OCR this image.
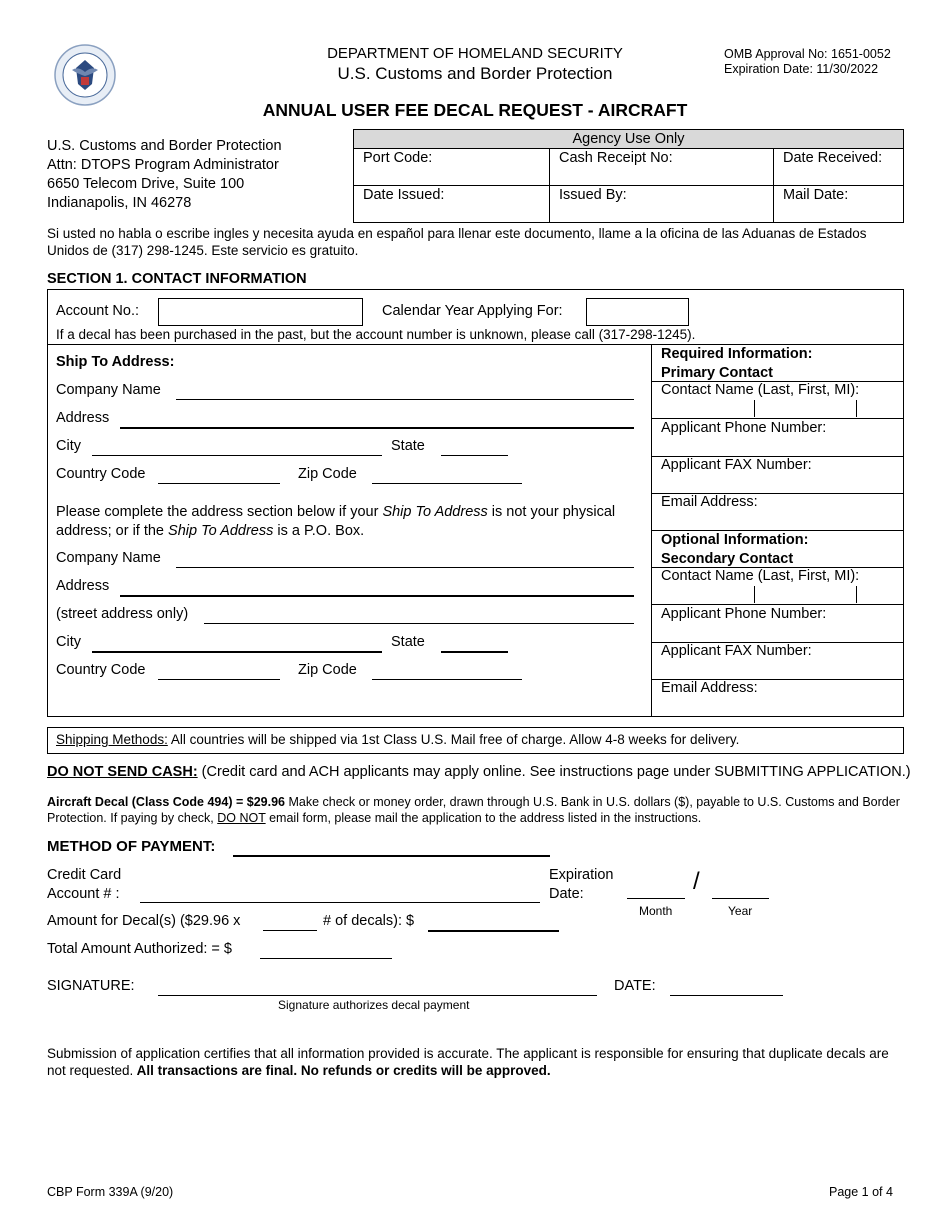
DEPARTMENT OF HOMELAND SECURITY
U.S. Customs and Border Protection
OMB Approval No: 1651-0052
Expiration Date: 11/30/2022
ANNUAL USER FEE DECAL REQUEST - AIRCRAFT
U.S. Customs and Border Protection
Attn: DTOPS Program Administrator
6650 Telecom Drive, Suite 100
Indianapolis, IN 46278
Agency Use Only		
Port Code:	Cash Receipt No:	Date Received:
Date Issued:	Issued By:	Mail Date:
Si usted no habla o escribe ingles y necesita ayuda en español para llenar este documento, llame a la oficina de las Aduanas de Estados Unidos de (317) 298-1245. Este servicio es gratuito.
SECTION 1. CONTACT INFORMATION
Account No.:	Calendar Year Applying For:
If a decal has been purchased in the past, but the account number is unknown, please call (317-298-1245).
Ship To Address:
Company Name
Address
City	State
Country Code	Zip Code
Please complete the address section below if your Ship To Address is not your physical
address; or if the Ship To Address is a P.O. Box.
Company Name
Address
(street address only)
City	State
Country Code	Zip Code
Required Information:
Primary Contact
Contact Name (Last, First, MI):
Applicant Phone Number:
Applicant FAX Number:
Email Address:
Optional Information:
Secondary Contact
Contact Name (Last, First, MI):
Applicant Phone Number:
Applicant FAX Number:
Email Address:
Shipping Methods: All countries will be shipped via 1st Class U.S. Mail free of charge. Allow 4-8 weeks for delivery.
DO NOT SEND CASH: (Credit card and ACH applicants may apply online. See instructions page under SUBMITTING APPLICATION.)
Aircraft Decal (Class Code 494) = $29.96 Make check or money order, drawn through U.S. Bank in U.S. dollars ($), payable to U.S. Customs and Border Protection. If paying by check, DO NOT email form, please mail the application to the address listed in the instructions.
METHOD OF PAYMENT:
Credit Card
Account # :
Expiration
Date:	/
Month	Year
Amount for Decal(s) ($29.96 x	# of decals): $
Total Amount Authorized: = $
SIGNATURE:
Signature authorizes decal payment
DATE:
Submission of application certifies that all information provided is accurate. The applicant is responsible for ensuring that duplicate decals are not requested. All transactions are final. No refunds or credits will be approved.
CBP Form 339A (9/20)	Page 1 of 4
